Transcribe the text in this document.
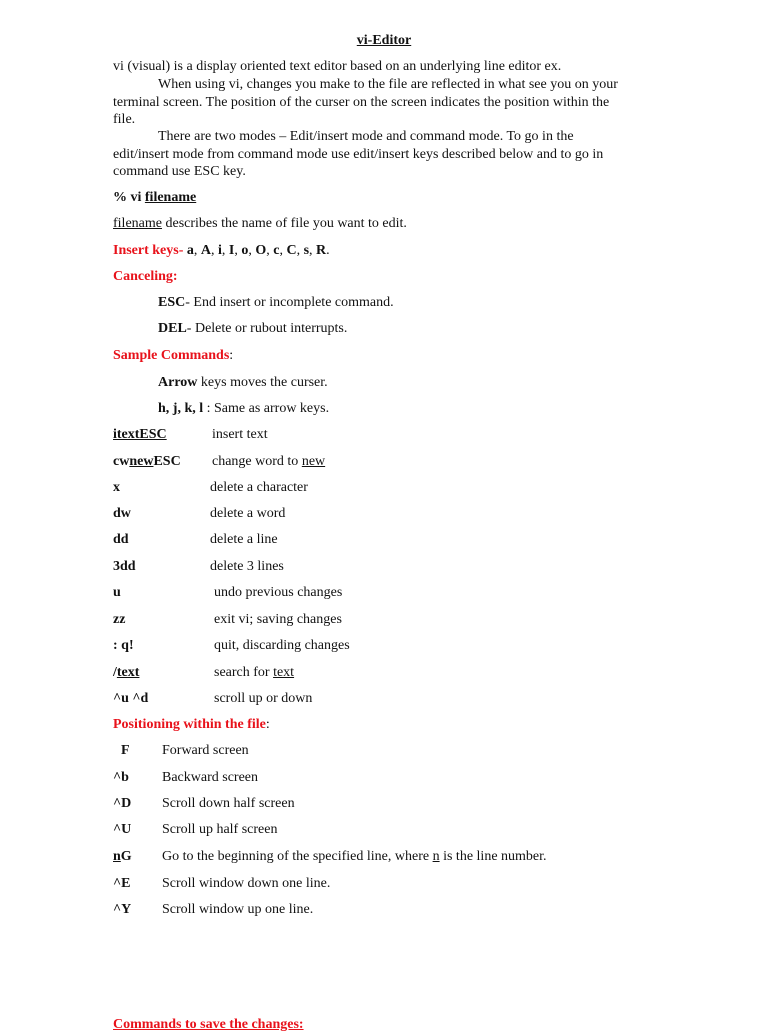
vi-Editor
vi (visual) is a display oriented text editor based on an underlying line editor ex.
When using vi, changes you make to the file are reflected in what see you on your
terminal screen. The position of the curser on the screen indicates the position within the
file.
There are two modes – Edit/insert mode and command mode. To go in the
edit/insert mode from command mode use edit/insert keys described below and to go in
command use ESC key.
% vi filename
filename describes the name of file you want to edit.
Insert keys- a, A, i, I, o, O, c, C, s, R.
Canceling:
ESC- End insert or incomplete command.
DEL- Delete or rubout interrupts.
Sample Commands:
Arrow keys moves the curser.
h, j, k, l : Same as arrow keys.
itextESC	insert text
cwnewESC change word to new
x	delete a character
dw	delete a word
dd	delete a line
3dd	delete 3 lines
u	undo previous changes
zz	exit vi; saving changes
: q!	quit, discarding changes
/text	search for text
^u ^d	scroll up or down
Positioning within the file:
F Forward screen
^b Backward screen
^D Scroll down half screen
^U Scroll up half screen
nG Go to the beginning of the specified line, where n is the line number.
^E Scroll window down one line.
^Y Scroll window up one line.
Commands to save the changes:
